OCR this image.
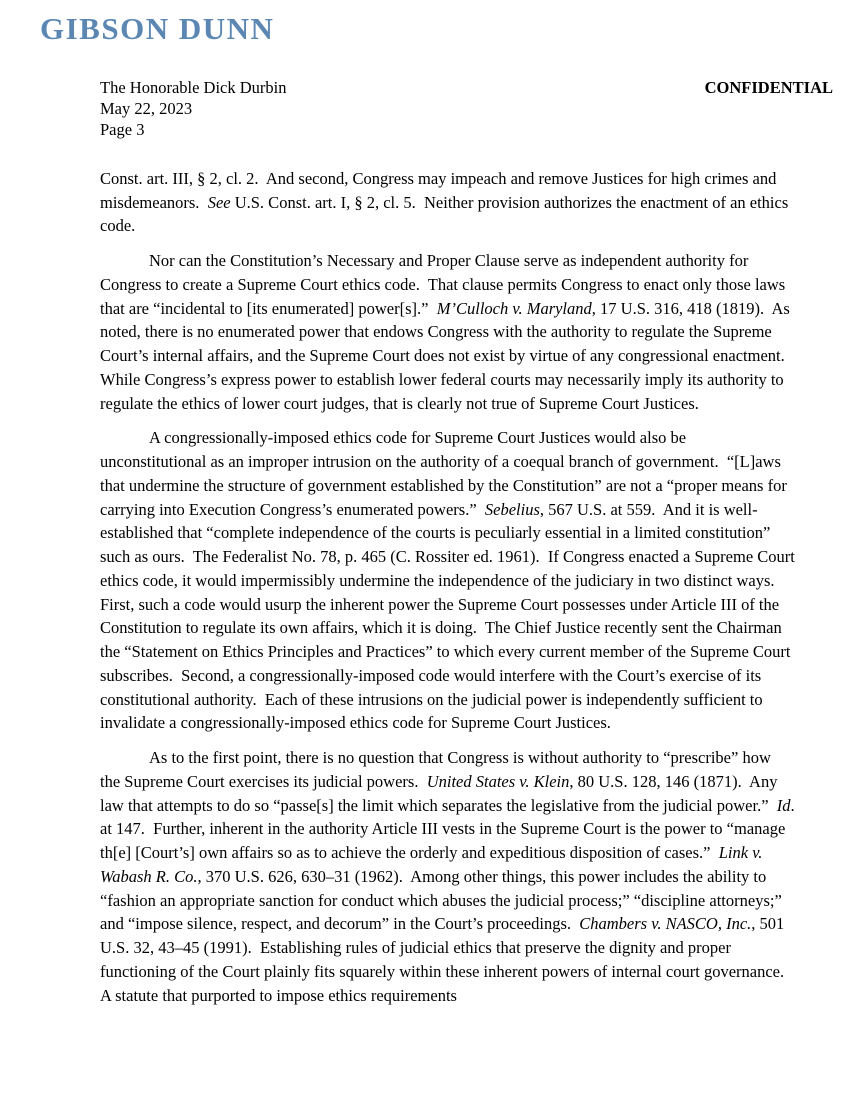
GIBSON DUNN
The Honorable Dick Durbin
May 22, 2023
Page 3
CONFIDENTIAL

Const. art. III, § 2, cl. 2.  And second, Congress may impeach and remove Justices for high crimes and misdemeanors.  See U.S. Const. art. I, § 2, cl. 5.  Neither provision authorizes the enactment of an ethics code.

Nor can the Constitution’s Necessary and Proper Clause serve as independent authority for Congress to create a Supreme Court ethics code.  That clause permits Congress to enact only those laws that are “incidental to [its enumerated] power[s].”  M’Culloch v. Maryland, 17 U.S. 316, 418 (1819).  As noted, there is no enumerated power that endows Congress with the authority to regulate the Supreme Court’s internal affairs, and the Supreme Court does not exist by virtue of any congressional enactment.  While Congress’s express power to establish lower federal courts may necessarily imply its authority to regulate the ethics of lower court judges, that is clearly not true of Supreme Court Justices.

A congressionally-imposed ethics code for Supreme Court Justices would also be unconstitutional as an improper intrusion on the authority of a coequal branch of government.  “[L]aws that undermine the structure of government established by the Constitution” are not a “proper means for carrying into Execution Congress’s enumerated powers.”  Sebelius, 567 U.S. at 559.  And it is well-established that “complete independence of the courts is peculiarly essential in a limited constitution” such as ours.  The Federalist No. 78, p. 465 (C. Rossiter ed. 1961).  If Congress enacted a Supreme Court ethics code, it would impermissibly undermine the independence of the judiciary in two distinct ways.  First, such a code would usurp the inherent power the Supreme Court possesses under Article III of the Constitution to regulate its own affairs, which it is doing.  The Chief Justice recently sent the Chairman the “Statement on Ethics Principles and Practices” to which every current member of the Supreme Court subscribes.  Second, a congressionally-imposed code would interfere with the Court’s exercise of its constitutional authority.  Each of these intrusions on the judicial power is independently sufficient to invalidate a congressionally-imposed ethics code for Supreme Court Justices.

As to the first point, there is no question that Congress is without authority to “prescribe” how the Supreme Court exercises its judicial powers.  United States v. Klein, 80 U.S. 128, 146 (1871).  Any law that attempts to do so “passe[s] the limit which separates the legislative from the judicial power.”  Id. at 147.  Further, inherent in the authority Article III vests in the Supreme Court is the power to “manage th[e] [Court’s] own affairs so as to achieve the orderly and expeditious disposition of cases.”  Link v. Wabash R. Co., 370 U.S. 626, 630–31 (1962).  Among other things, this power includes the ability to “fashion an appropriate sanction for conduct which abuses the judicial process;” “discipline attorneys;” and “impose silence, respect, and decorum” in the Court’s proceedings.  Chambers v. NASCO, Inc., 501 U.S. 32, 43–45 (1991).  Establishing rules of judicial ethics that preserve the dignity and proper functioning of the Court plainly fits squarely within these inherent powers of internal court governance.  A statute that purported to impose ethics requirements
